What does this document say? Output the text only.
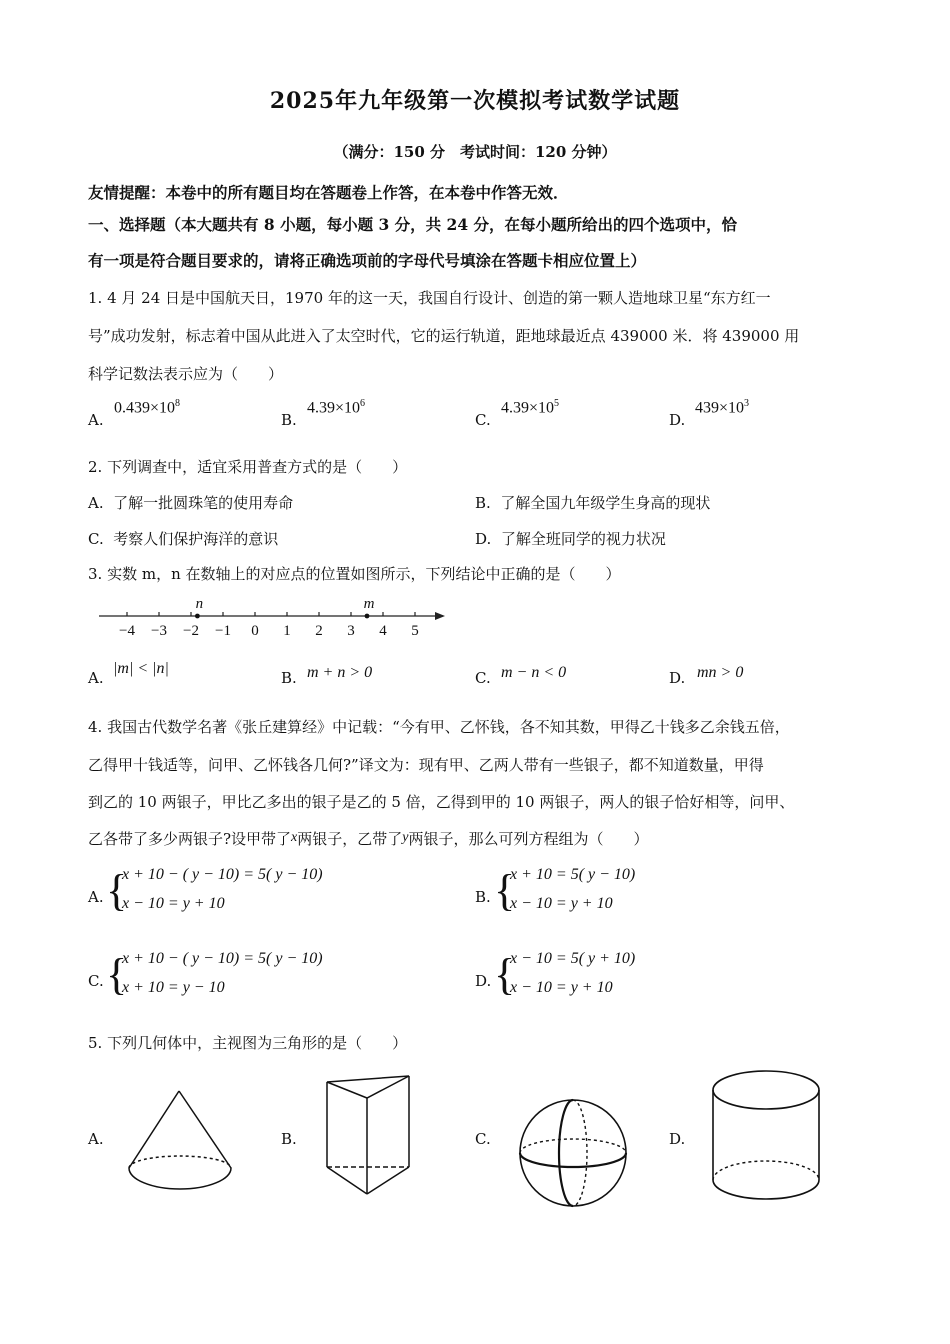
2025年九年级第一次模拟考试数学试题
（满分：150 分　考试时间：120 分钟）
友情提醒：本卷中的所有题目均在答题卷上作答，在本卷中作答无效．
一、选择题（本大题共有 8 小题，每小题 3 分，共 24 分，在每小题所给出的四个选项中，恰
有一项是符合题目要求的，请将正确选项前的字母代号填涂在答题卡相应位置上）
1. 4 月 24 日是中国航天日，1970 年的这一天，我国自行设计、创造的第一颗人造地球卫星“东方红一
号”成功发射，标志着中国从此进入了太空时代，它的运行轨道，距地球最近点 439000 米．将 439000 用
科学记数法表示应为（　　）
A.
$0.439\times 10^8$
B.
$4.39\times 10^6$
C.
$4.39\times 10^5$
D.
$439\times 10^3$
2. 下列调查中，适宜采用普查方式的是（　　）
A. 了解一批圆珠笔的使用寿命	B. 了解全国九年级学生身高的现状
C. 考察人们保护海洋的意识	D. 了解全班同学的视力状况
3. 实数 m，n 在数轴上的对应点的位置如图所示，下列结论中正确的是（　　）
−4 −3 −2 −1 0 1 2 3 4 5
n	m
A.
|m| < |n|
B. m + n > 0	C. m − n < 0	D. mn > 0
4. 我国古代数学名著《张丘建算经》中记载：“今有甲、乙怀钱，各不知其数，甲得乙十钱多乙余钱五倍，
乙得甲十钱适等，问甲、乙怀钱各几何?”译文为：现有甲、乙两人带有一些银子，都不知道数量，甲得
到乙的 10 两银子，甲比乙多出的银子是乙的 5 倍，乙得到甲的 10 两银子，两人的银子恰好相等，问甲、
乙各带了多少两银子?设甲带了x两银子，乙带了y两银子，那么可列方程组为（　　）
A. {
x + 10 − ( y − 10) = 5( y − 10)
x − 10 = y + 10	B. {
x + 10 = 5( y − 10)
x − 10 = y + 10
C. {
x + 10 − ( y − 10) = 5( y − 10)
x + 10 = y − 10	D. {
x − 10 = 5( y + 10)
x − 10 = y + 10
5. 下列几何体中，主视图为三角形的是（　　）
A.	B.	C.	D.
